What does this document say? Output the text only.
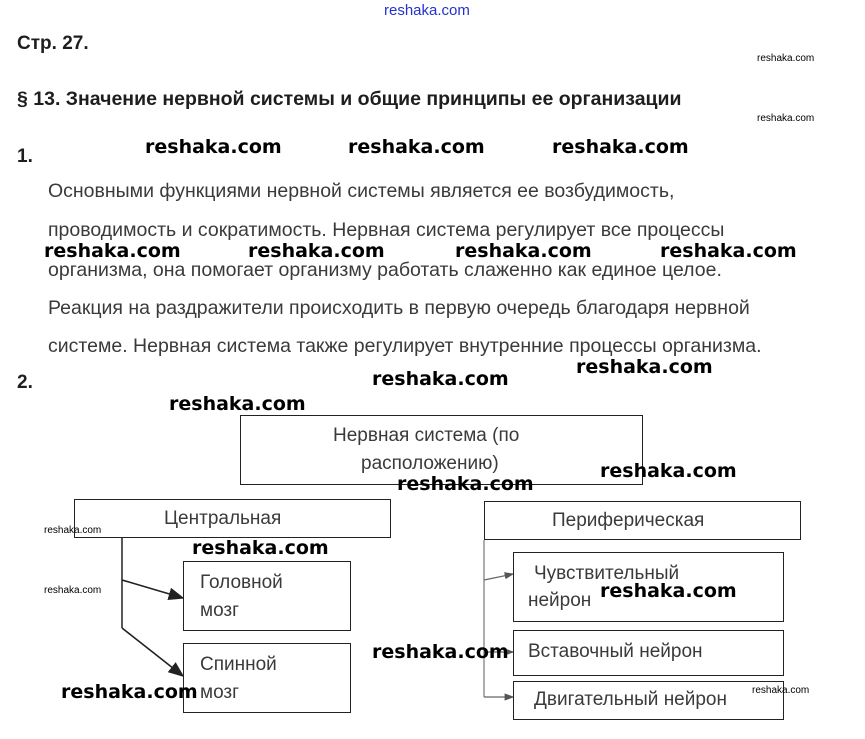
reshaka.com
Стр. 27.
§ 13. Значение нервной системы и общие принципы ее организации
1.
Основными функциями нервной системы является ее возбудимость,
проводимость и сократимость. Нервная система регулирует все процессы
организма, она помогает организму работать слаженно как единое целое.
Реакция на раздражители происходить в первую очередь благодаря нервной
системе. Нервная система также регулирует внутренние процессы организма.
2.
Нервная система (по
расположению)
Центральная	Периферическая
Головной
мозг
Спинной
мозг
Чувствительный
нейрон
Вставочный нейрон
Двигательный нейрон
reshaka.com
reshaka.com
reshaka.com	reshaka.com	reshaka.com
reshaka.com	reshaka.com	reshaka.com	reshaka.com
reshaka.com
reshaka.com
reshaka.com
reshaka.com
reshaka.com
reshaka.com
reshaka.com
reshaka.com	reshaka.com
reshaka.com
reshaka.com	reshaka.com
